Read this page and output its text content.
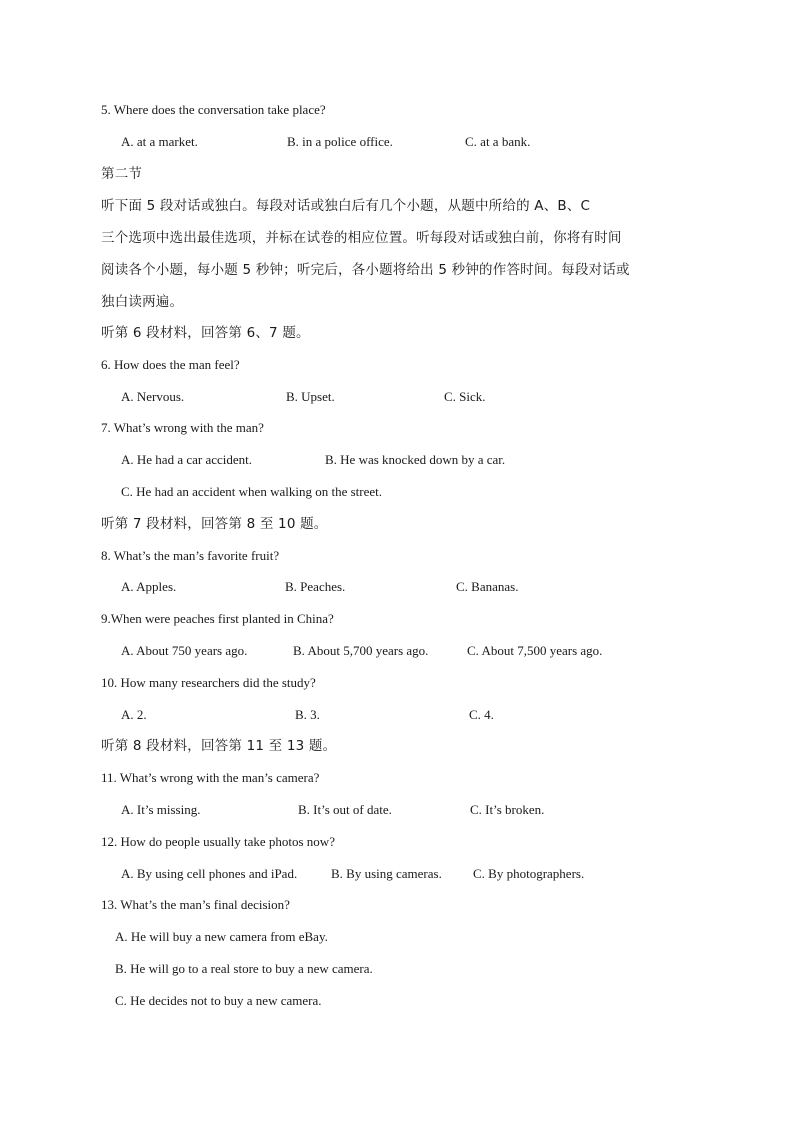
5. Where does the conversation take place?
A. at a market.	B. in a police office.	C. at a bank.
第二节
听下面 5 段对话或独白。每段对话或独白后有几个小题，从题中所给的 A、B、C
三个选项中选出最佳选项，并标在试卷的相应位置。听每段对话或独白前，你将有时间
阅读各个小题，每小题 5 秒钟；听完后，各小题将给出 5 秒钟的作答时间。每段对话或
独白读两遍。
听第 6 段材料，回答第 6、7 题。
6. How does the man feel?
A. Nervous.	B. Upset.	C. Sick.
7. What’s wrong with the man?
A. He had a car accident.	B. He was knocked down by a car.
C. He had an accident when walking on the street.
听第 7 段材料，回答第 8 至 10 题。
8. What’s the man’s favorite fruit?
A. Apples.	B. Peaches.	C. Bananas.
9.When were peaches first planted in China?
A. About 750 years ago.	B. About 5,700 years ago.	C. About 7,500 years ago.
10. How many researchers did the study?
A. 2.	B. 3.	C. 4.
听第 8 段材料，回答第 11 至 13 题。
11. What’s wrong with the man’s camera?
A. It’s missing.	B. It’s out of date.	C. It’s broken.
12. How do people usually take photos now?
A. By using cell phones and iPad.	B. By using cameras. C. By photographers.
13. What’s the man’s final decision?
A. He will buy a new camera from eBay.
B. He will go to a real store to buy a new camera.
C. He decides not to buy a new camera.
